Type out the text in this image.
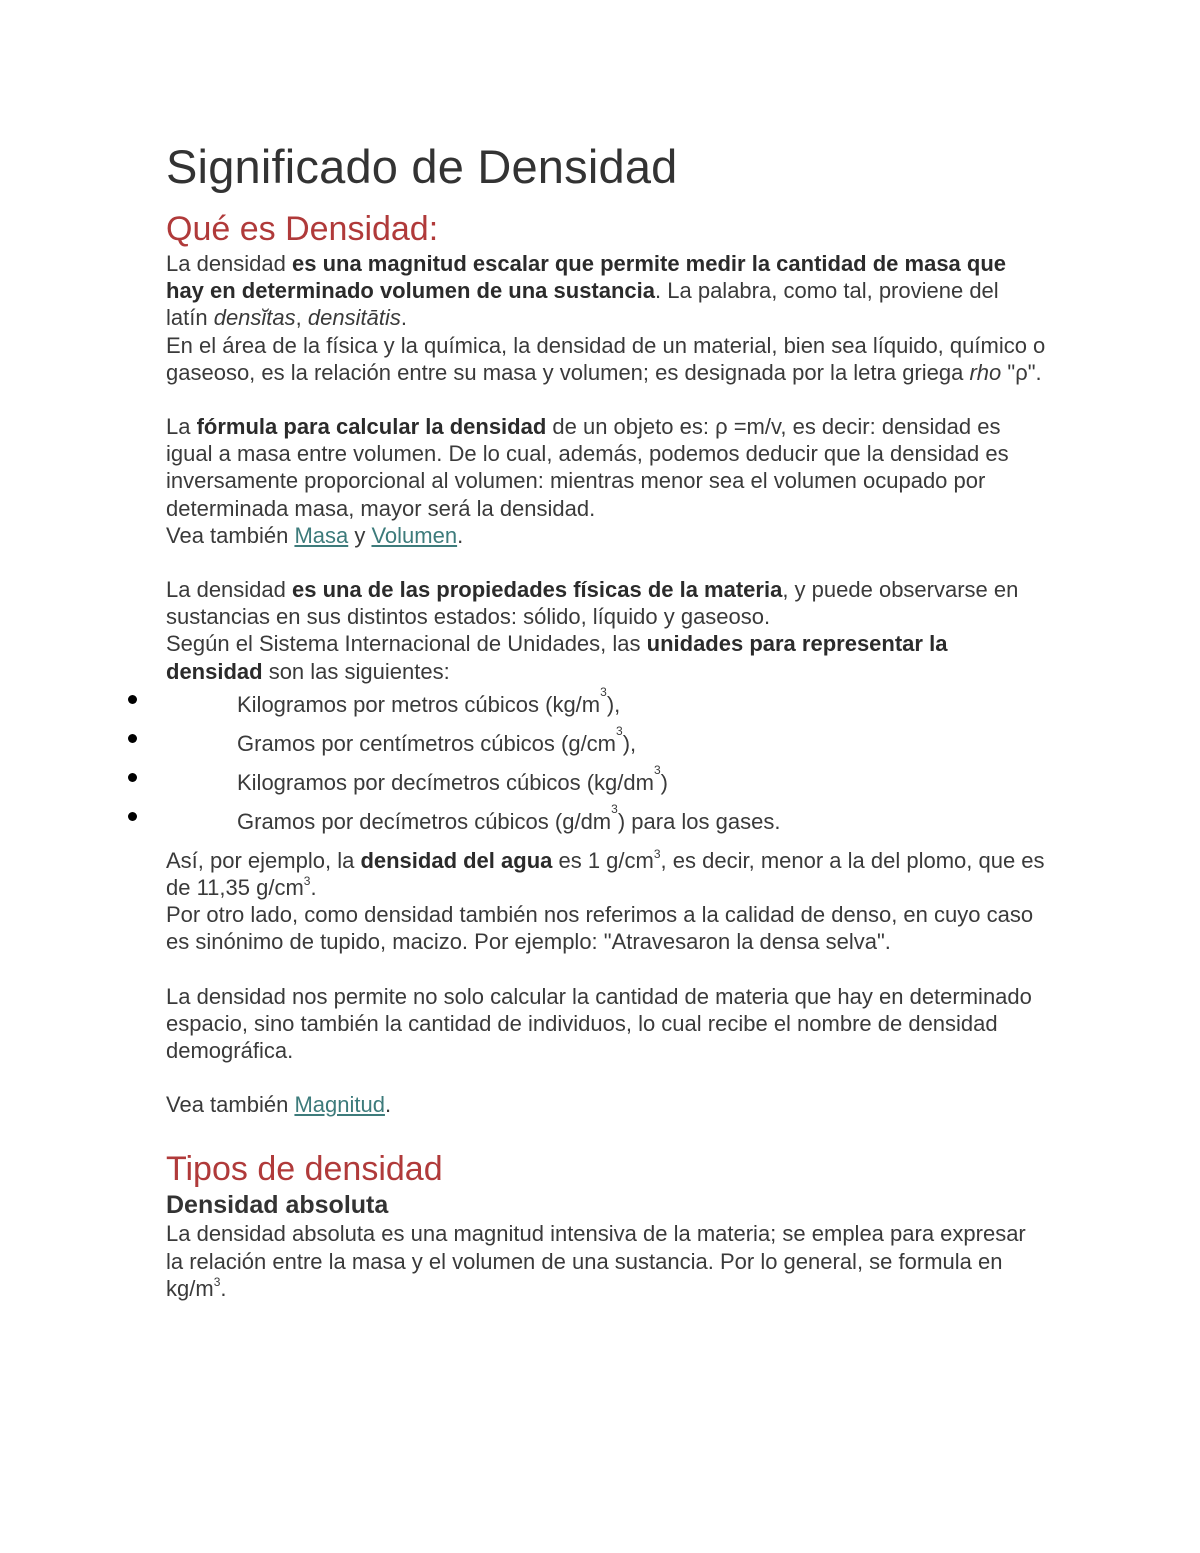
Significado de Densidad
Qué es Densidad:

La densidad es una magnitud escalar que permite medir la cantidad de masa que hay en determinado volumen de una sustancia. La palabra, como tal, proviene del latín densĭtas, densitātis.

En el área de la física y la química, la densidad de un material, bien sea líquido, químico o gaseoso, es la relación entre su masa y volumen; es designada por la letra griega rho "ρ".

La fórmula para calcular la densidad de un objeto es: ρ =m/v, es decir: densidad es igual a masa entre volumen. De lo cual, además, podemos deducir que la densidad es inversamente proporcional al volumen: mientras menor sea el volumen ocupado por determinada masa, mayor será la densidad.

Vea también Masa y Volumen.

La densidad es una de las propiedades físicas de la materia, y puede observarse en sustancias en sus distintos estados: sólido, líquido y gaseoso.

Según el Sistema Internacional de Unidades, las unidades para representar la densidad son las siguientes:

Kilogramos por metros cúbicos $(kg/m^3)$,
Gramos por centímetros cúbicos $(g/cm^3)$,
Kilogramos por decímetros cúbicos $(kg/dm^3)$
Gramos por decímetros cúbicos $(g/dm^3)$ para los gases.

Así, por ejemplo, la densidad del agua es 1 $g/cm^3$, es decir, menor a la del plomo, que es de 11,35 $g/cm^3$.

Por otro lado, como densidad también nos referimos a la calidad de denso, en cuyo caso es sinónimo de tupido, macizo. Por ejemplo: "Atravesaron la densa selva".

La densidad nos permite no solo calcular la cantidad de materia que hay en determinado espacio, sino también la cantidad de individuos, lo cual recibe el nombre de densidad demográfica.

Vea también Magnitud.

Tipos de densidad
Densidad absoluta

La densidad absoluta es una magnitud intensiva de la materia; se emplea para expresar la relación entre la masa y el volumen de una sustancia. Por lo general, se formula en $kg/m^3$.
